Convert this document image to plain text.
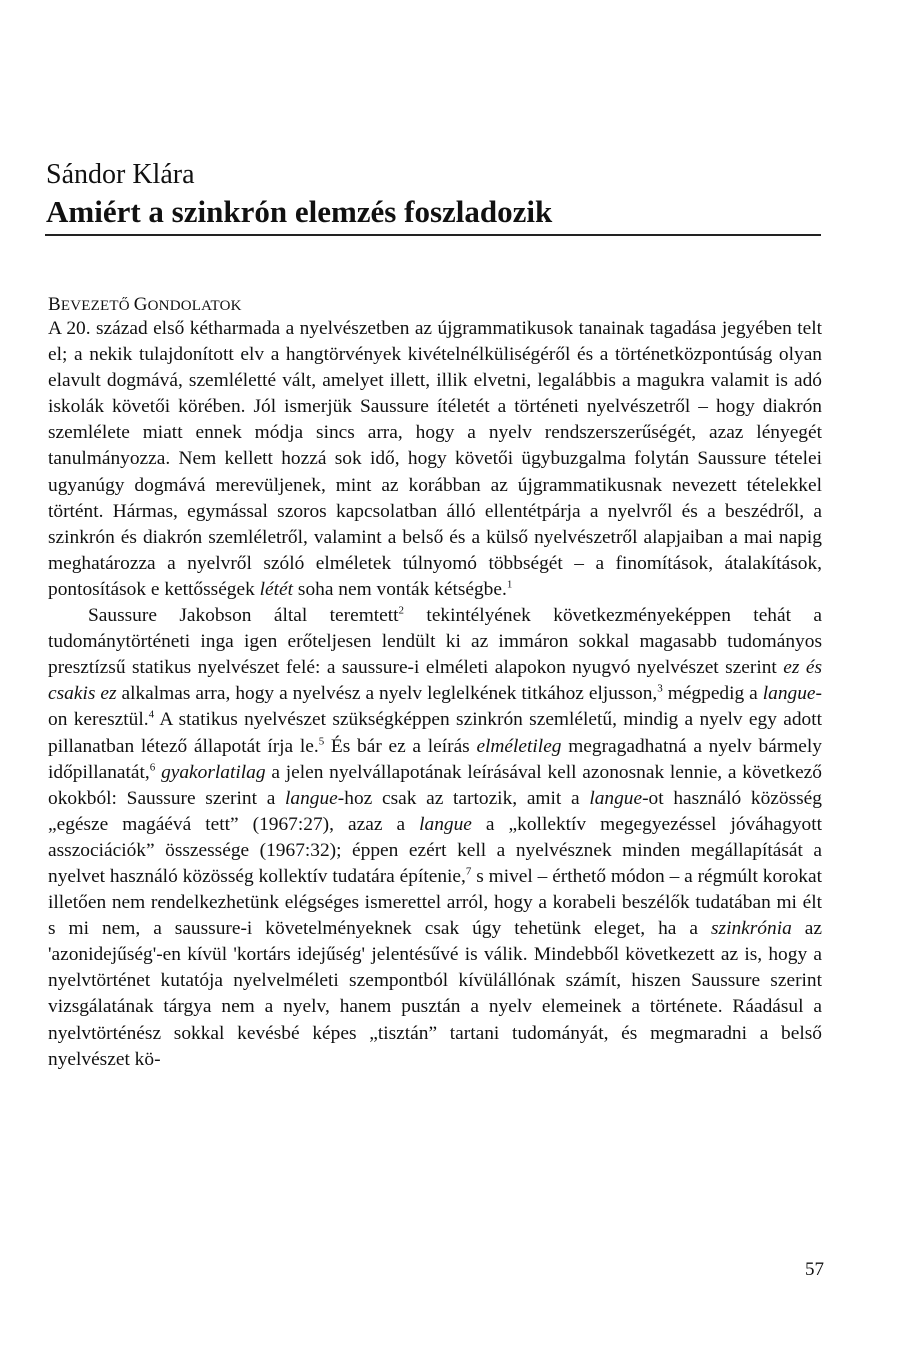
Sándor Klára
Amiért a szinkrón elemzés foszladozik
BEVEZETŐ GONDOLATOK

A 20. század első kétharmada a nyelvészetben az újgrammatikusok tanainak tagadása jegyében telt el; a nekik tulajdonított elv a hangtörvények kivételnélküliségéről és a történetközpontúság olyan elavult dogmává, szemléletté vált, amelyet illett, illik elvetni, legalábbis a magukra valamit is adó iskolák követői körében. Jól ismerjük Saussure ítéletét a történeti nyelvészetről – hogy diakrón szemlélete miatt ennek módja sincs arra, hogy a nyelv rendszerszerűségét, azaz lényegét tanulmányozza. Nem kellett hozzá sok idő, hogy követői ügybuzgalma folytán Saussure tételei ugyanúgy dogmává merevüljenek, mint az korábban az újgrammatikusnak nevezett tételekkel történt. Hármas, egymással szoros kapcsolatban álló ellentétpárja a nyelvről és a beszédről, a szinkrón és diakrón szemléletről, valamint a belső és a külső nyelvészetről alapjaiban a mai napig meghatározza a nyelvről szóló elméletek túlnyomó többségét – a finomítások, átalakítások, pontosítások e kettősségek létét soha nem vonták kétségbe.$^1$

Saussure Jakobson által teremtett$^2$ tekintélyének következményeképpen tehát a tudománytörténeti inga igen erőteljesen lendült ki az immáron sokkal magasabb tudományos presztízsű statikus nyelvészet felé: a saussure-i elméleti alapokon nyugvó nyelvészet szerint ez és csakis ez alkalmas arra, hogy a nyelvész a nyelv leglelkének titkához eljusson,$^3$ mégpedig a langue-on keresztül.$^4$ A statikus nyelvészet szükségképpen szinkrón szemléletű, mindig a nyelv egy adott pillanatban létező állapotát írja le.$^5$ És bár ez a leírás elméletileg megragadhatná a nyelv bármely időpillanatát,$^6$ gyakorlatilag a jelen nyelvállapotának leírásával kell azonosnak lennie, a következő okokból: Saussure szerint a langue-hoz csak az tartozik, amit a langue-ot használó közösség „egésze magáévá tett” (1967:27), azaz a langue a „kollektív megegyezéssel jóváhagyott asszociációk” összessége (1967:32); éppen ezért kell a nyelvésznek minden megállapítását a nyelvet használó közösség kollektív tudatára építenie,$^7$ s mivel – érthető módon – a régmúlt korokat illetően nem rendelkezhetünk elégséges ismerettel arról, hogy a korabeli beszélők tudatában mi élt s mi nem, a saussure-i követelményeknek csak úgy tehetünk eleget, ha a szinkrónia az 'azonidejűség'-en kívül 'kortárs idejűség' jelentésűvé is válik. Mindebből következett az is, hogy a nyelvtörténet kutatója nyelvelméleti szempontból kívülállónak számít, hiszen Saussure szerint vizsgálatának tárgya nem a nyelv, hanem pusztán a nyelv elemeinek a története. Ráadásul a nyelvtörténész sokkal kevésbé képes „tisztán” tartani tudományát, és megmaradni a belső nyelvészet kö-

57
